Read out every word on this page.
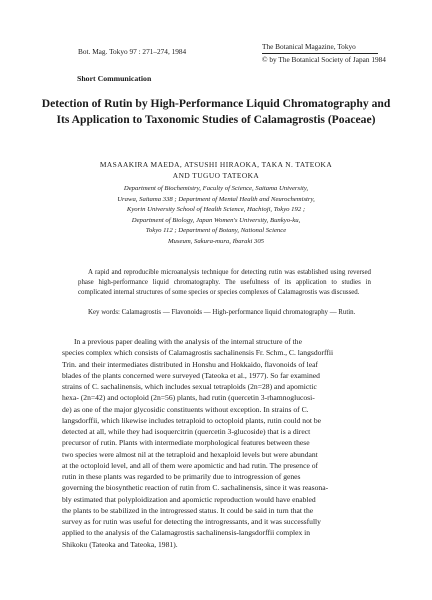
Bot. Mag. Tokyo 97 : 271–274, 1984
The Botanical Magazine, Tokyo
© by The Botanical Society of Japan 1984
Short Communication
Detection of Rutin by High-Performance Liquid Chromatography and Its Application to Taxonomic Studies of Calamagrostis (Poaceae)
MASAAKIRA MAEDA, ATSUSHI HIRAOKA, TAKA N. TATEOKA
AND TUGUO TATEOKA
Department of Biochemistry, Faculty of Science, Saitama University,
Urawa, Saitama 338 ; Department of Mental Health and Neurochemistry,
Kyorin University School of Health Science, Hachioji, Tokyo 192 ;
Department of Biology, Japan Women's University, Bunkyo-ku,
Tokyo 112 ; Department of Botany, National Science
Museum, Sakura-mura, Ibaraki 305

A rapid and reproducible microanalysis technique for detecting rutin was established using reversed phase high-performance liquid chromatography. The usefulness of its application to studies in complicated internal structures of some species or species complexes of Calamagrostis was discussed.

Key words: Calamagrostis — Flavonoids — High-performance liquid chromatography — Rutin.

In a previous paper dealing with the analysis of the internal structure of the
species complex which consists of Calamagrostis sachalinensis Fr. Schm., C. langsdorffii
Trin. and their intermediates distributed in Honshu and Hokkaido, flavonoids of leaf
blades of the plants concerned were surveyed (Tateoka et al., 1977). So far examined
strains of C. sachalinensis, which includes sexual tetraploids (2n=28) and apomictic
hexa- (2n=42) and octoploid (2n=56) plants, had rutin (quercetin 3-rhamnoglucosi-
de) as one of the major glycosidic constituents without exception. In strains of C.
langsdorffii, which likewise includes tetraploid to octoploid plants, rutin could not be
detected at all, while they had isoquercitrin (quercetin 3-glucoside) that is a direct
precursor of rutin. Plants with intermediate morphological features between these
two species were almost nil at the tetraploid and hexaploid levels but were abundant
at the octoploid level, and all of them were apomictic and had rutin. The presence of
rutin in these plants was regarded to be primarily due to introgression of genes
governing the biosynthetic reaction of rutin from C. sachalinensis, since it was reasona-
bly estimated that polyploidization and apomictic reproduction would have enabled
the plants to be stabilized in the introgressed status. It could be said in turn that the
survey as for rutin was useful for detecting the introgressants, and it was successfully
applied to the analysis of the Calamagrostis sachalinensis-langsdorffii complex in
Shikoku (Tateoka and Tateoka, 1981).
